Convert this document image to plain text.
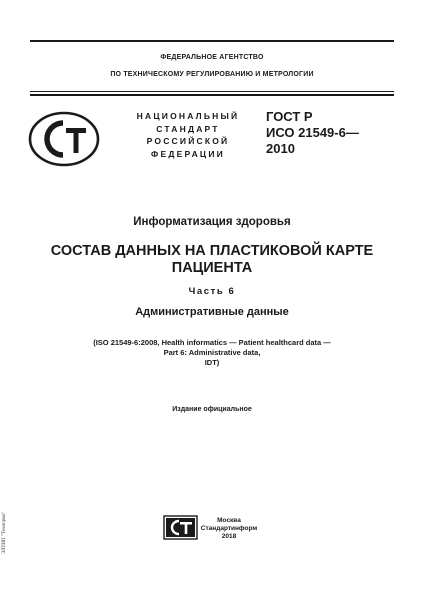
ФЕДЕРАЛЬНОЕ АГЕНТСТВО
ПО ТЕХНИЧЕСКОМУ РЕГУЛИРОВАНИЮ И МЕТРОЛОГИИ
НАЦИОНАЛЬНЫЙ
СТАНДАРТ
РОССИЙСКОЙ
ФЕДЕРАЦИИ
ГОСТ Р
ИСО 21549-6—
2010
Информатизация здоровья
СОСТАВ ДАННЫХ НА ПЛАСТИКОВОЙ КАРТЕ
ПАЦИЕНТА
Часть 6
Административные данные
(ISO 21549-6:2008, Health informatics — Patient healthcard data —
Part 6: Administrative data,
IDT)
Издание официальное
Москва
Стандартинформ
2018
ЭЛТИП "Технорма"
